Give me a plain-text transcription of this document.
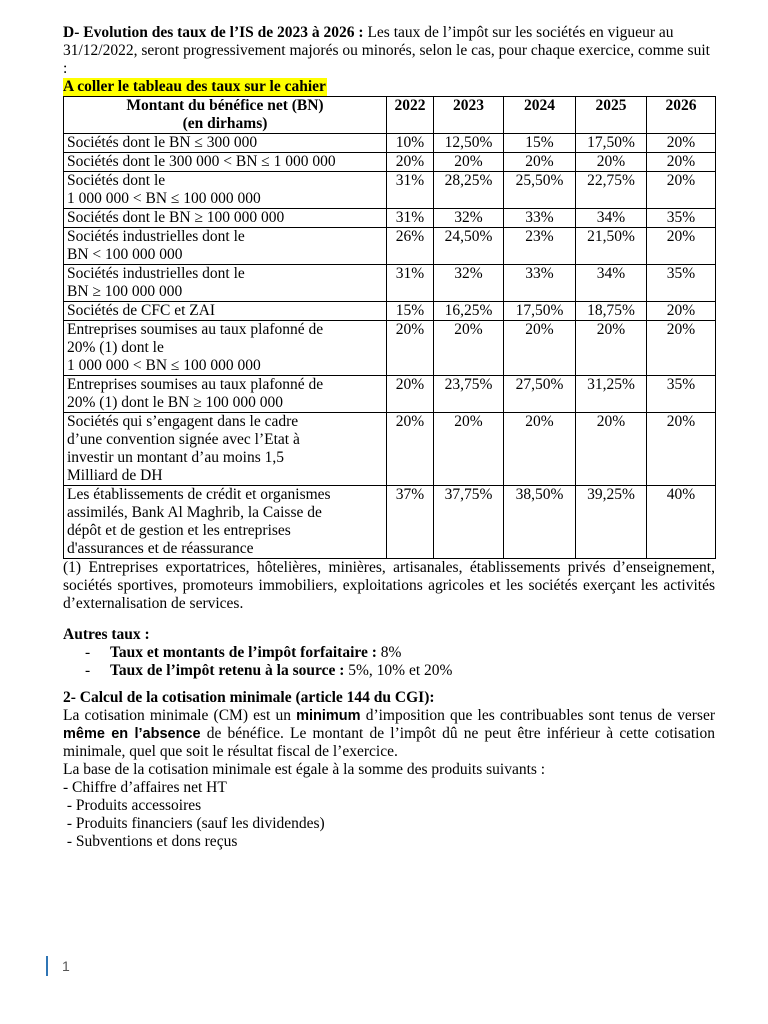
D- Evolution des taux de l’IS de 2023 à 2026 : Les taux de l’impôt sur les sociétés en vigueur au 31/12/2022, seront progressivement majorés ou minorés, selon le cas, pour chaque exercice, comme suit :

A coller le tableau des taux sur le cahier
Montant du bénéfice net (BN)
(en dirhams)	2022	2023	2024	2025	2026

Sociétés dont le BN ≤ 300 000	10%	12,50%	15%	17,50%	20%

Sociétés dont le 300 000 < BN ≤ 1 000 000	20%	20%	20%	20%	20%

Sociétés dont le
1 000 000 < BN ≤ 100 000 000	31%	28,25%	25,50%	22,75%	20%

Sociétés dont le BN ≥ 100 000 000	31%	32%	33%	34%	35%

Sociétés industrielles dont le
BN < 100 000 000	26%	24,50%	23%	21,50%	20%

Sociétés industrielles dont le
BN ≥ 100 000 000	31%	32%	33%	34%	35%

Sociétés de CFC et ZAI	15%	16,25%	17,50%	18,75%	20%

Entreprises soumises au taux plafonné de
20% (1) dont le
1 000 000 < BN ≤ 100 000 000	20%	20%	20%	20%	20%

Entreprises soumises au taux plafonné de
20% (1) dont le BN ≥ 100 000 000	20%	23,75%	27,50%	31,25%	35%

Sociétés qui s’engagent dans le cadre
d’une convention signée avec l’Etat à
investir un montant d’au moins 1,5
Milliard de DH	20%	20%	20%	20%	20%

Les établissements de crédit et organismes
assimilés, Bank Al Maghrib, la Caisse de
dépôt et de gestion et les entreprises
d'assurances et de réassurance	37%	37,75%	38,50%	39,25%	40%

(1) Entreprises exportatrices, hôtelières, minières, artisanales, établissements privés d’enseignement, sociétés sportives, promoteurs immobiliers, exploitations agricoles et les sociétés exerçant les activités d’externalisation de services.

Autres taux :

- Taux et montants de l’impôt forfaitaire : 8%
- Taux de l’impôt retenu à la source : 5%, 10% et 20%

2- Calcul de la cotisation minimale (article 144 du CGI):

La cotisation minimale (CM) est un minimum d’imposition que les contribuables sont tenus de verser même en l’absence de bénéfice. Le montant de l’impôt dû ne peut être inférieur à cette cotisation minimale, quel que soit le résultat fiscal de l’exercice.

La base de la cotisation minimale est égale à la somme des produits suivants :

- Chiffre d’affaires net HT
- Produits accessoires
- Produits financiers (sauf les dividendes)
- Subventions et dons reçus
1
